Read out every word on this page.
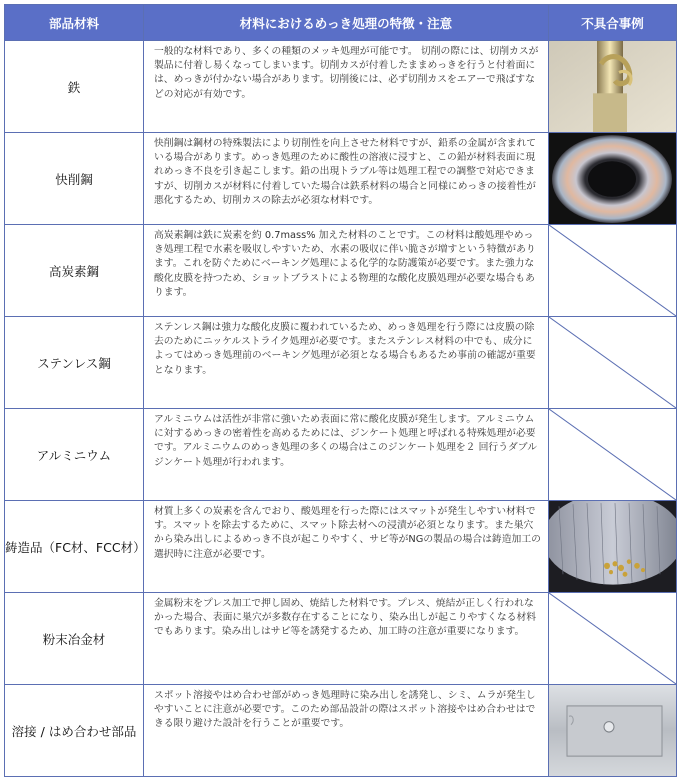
部品材料	材料におけるめっき処理の特徴・注意	不具合事例
鉄	一般的な材料であり、多くの種類のメッキ処理が可能です。 切削の際には、切削カスが製品に付着し易くなってしまいます。切削カスが付着したままめっきを行うと付着面には、めっきが付かない場合があります。切削後には、必ず切削カスをエアーで飛ばすなどの対応が有効です。	

快削鋼	快削鋼は鋼材の特殊製法により切削性を向上させた材料ですが、鉛系の金属が含まれている場合があります。めっき処理のために酸性の溶液に浸すと、この鉛が材料表面に現れめっき不良を引き起こします。鉛の出現トラブル等は処理工程での調整で対応できますが、切削カスが材料に付着していた場合は鉄系材料の場合と同様にめっきの接着性が悪化するため、切削カスの除去が必須な材料です。	

高炭素鋼	高炭素鋼は鉄に炭素を約 0.7mass% 加えた材料のことです。この材料は酸処理やめっき処理工程で水素を吸収しやすいため、水素の吸収に伴い脆さが増すという特徴があります。これを防ぐためにベーキング処理による化学的な防護策が必要です。また強力な酸化皮膜を持つため、ショットブラストによる物理的な酸化皮膜処理が必要な場合もあります。	

ステンレス鋼	ステンレス鋼は強力な酸化皮膜に覆われているため、めっき処理を行う際には皮膜の除去のためにニッケルストライク処理が必要です。またステンレス材料の中でも、成分によってはめっき処理前のベーキング処理が必須となる場合もあるため事前の確認が重要となります。	

アルミニウム	アルミニウムは活性が非常に強いため表面に常に酸化皮膜が発生します。アルミニウムに対するめっきの密着性を高めるためには、ジンケート処理と呼ばれる特殊処理が必要です。アルミニウムのめっき処理の多くの場合はこのジンケート処理を２ 回行うダブルジンケート処理が行われます。	

鋳造品（FC材、FCC材）	材質上多くの炭素を含んでおり、酸処理を行った際にはスマットが発生しやすい材料です。スマットを除去するために、スマット除去材への浸漬が必須となります。また巣穴から染み出しによるめっき不良が起こりやすく、サビ等がNGの製品の場合は鋳造加工の選択時に注意が必要です。	

粉末冶金材	金属粉末をプレス加工で押し固め、焼結した材料です。プレス、焼結が正しく行われなかった場合、表面に巣穴が多数存在することになり、染み出しが起こりやすくなる材料でもあります。染み出しはサビ等を誘発するため、加工時の注意が重要になります。	

溶接 / はめ合わせ部品	スポット溶接やはめ合わせ部がめっき処理時に染み出しを誘発し、シミ、ムラが発生しやすいことに注意が必要です。このため部品設計の際はスポット溶接やはめ合わせはできる限り避けた設計を行うことが重要です。	
